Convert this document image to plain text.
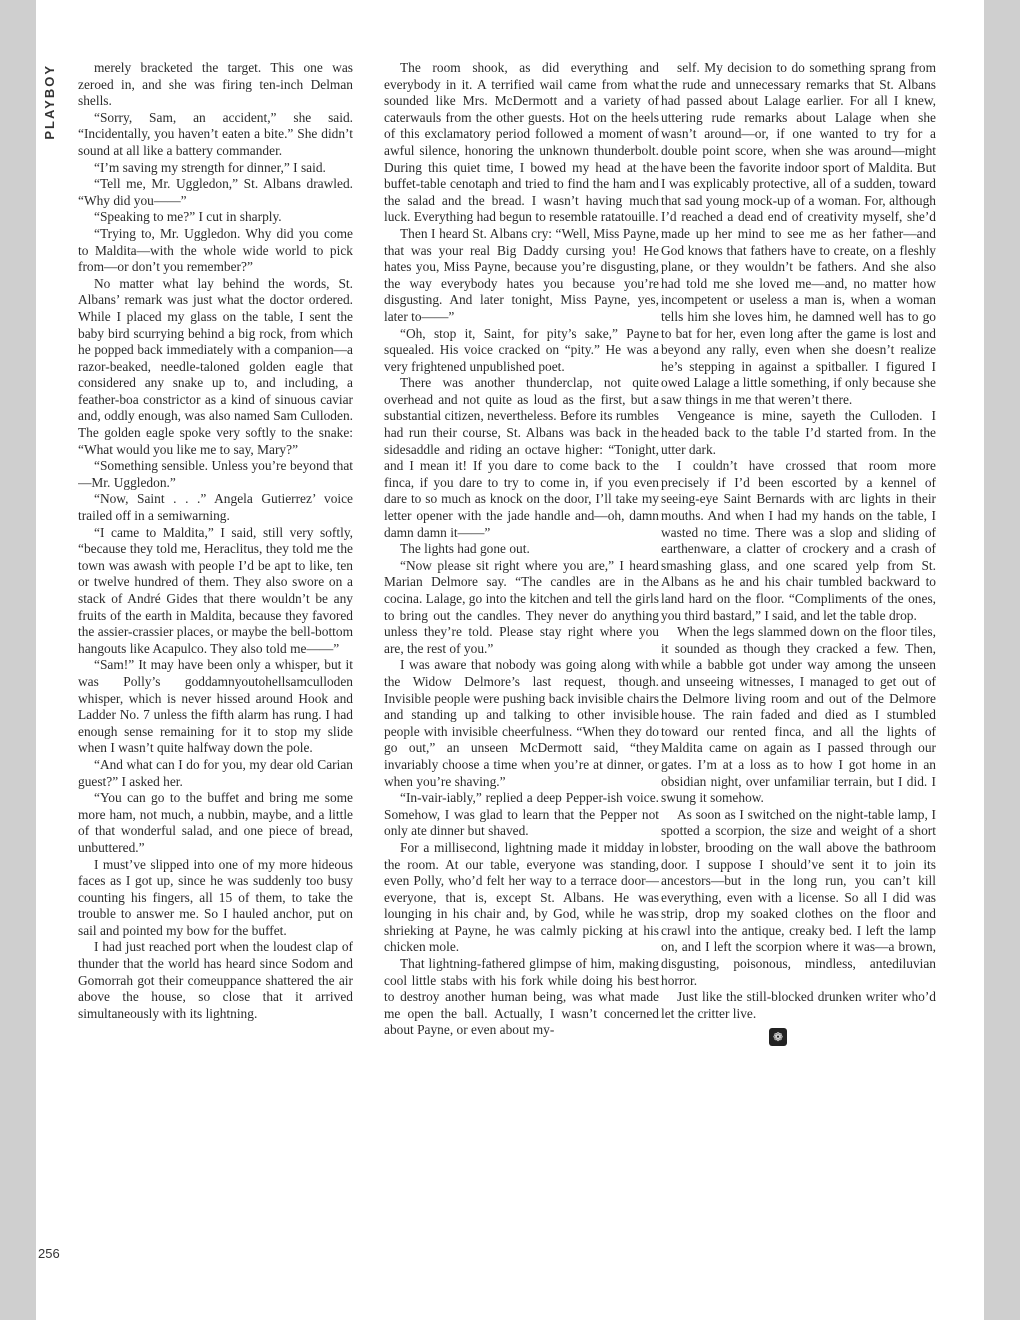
PLAYBOY
256

merely bracketed the target. This one was zeroed in, and she was firing ten-inch Delman shells.

“Sorry, Sam, an accident,” she said. “Incidentally, you haven’t eaten a bite.” She didn’t sound at all like a battery commander.

“I’m saving my strength for dinner,” I said.

“Tell me, Mr. Uggledon,” St. Albans drawled. “Why did you——”

“Speaking to me?” I cut in sharply.

“Trying to, Mr. Uggledon. Why did you come to Maldita—with the whole wide world to pick from—or don’t you remember?”

No matter what lay behind the words, St. Albans’ remark was just what the doctor ordered. While I placed my glass on the table, I sent the baby bird scurrying behind a big rock, from which he popped back immediately with a companion—a razor-beaked, needle-taloned golden eagle that considered any snake up to, and including, a feather-boa constrictor as a kind of sinuous caviar and, oddly enough, was also named Sam Culloden. The golden eagle spoke very softly to the snake: “What would you like me to say, Mary?”

“Something sensible. Unless you’re beyond that—Mr. Uggledon.”

“Now, Saint . . .” Angela Gutierrez’ voice trailed off in a semiwarning.

“I came to Maldita,” I said, still very softly, “because they told me, Heraclitus, they told me the town was awash with people I’d be apt to like, ten or twelve hundred of them. They also swore on a stack of André Gides that there wouldn’t be any fruits of the earth in Maldita, because they favored the assier-crassier places, or maybe the bell-bottom hangouts like Acapulco. They also told me——”

“Sam!” It may have been only a whisper, but it was Polly’s goddamnyoutohellsamculloden whisper, which is never hissed around Hook and Ladder No. 7 unless the fifth alarm has rung. I had enough sense remaining for it to stop my slide when I wasn’t quite halfway down the pole.

“And what can I do for you, my dear old Carian guest?” I asked her.

“You can go to the buffet and bring me some more ham, not much, a nubbin, maybe, and a little of that wonderful salad, and one piece of bread, unbuttered.”

I must’ve slipped into one of my more hideous faces as I got up, since he was suddenly too busy counting his fingers, all 15 of them, to take the trouble to answer me. So I hauled anchor, put on sail and pointed my bow for the buffet.

I had just reached port when the loudest clap of thunder that the world has heard since Sodom and Gomorrah got their comeuppance shattered the air above the house, so close that it arrived simultaneously with its lightning.

The room shook, as did everything and everybody in it. A terrified wail came from what sounded like Mrs. McDermott and a variety of caterwauls from the other guests. Hot on the heels of this exclamatory period followed a moment of awful silence, honoring the unknown thunderbolt. During this quiet time, I bowed my head at the buffet-table cenotaph and tried to find the ham and the salad and the bread. I wasn’t having much luck. Everything had begun to resemble ratatouille.

Then I heard St. Albans cry: “Well, Miss Payne, that was your real Big Daddy cursing you! He hates you, Miss Payne, because you’re disgusting, the way everybody hates you because you’re disgusting. And later tonight, Miss Payne, yes, later to——”

“Oh, stop it, Saint, for pity’s sake,” Payne squealed. His voice cracked on “pity.” He was a very frightened unpublished poet.

There was another thunderclap, not quite overhead and not quite as loud as the first, but a substantial citizen, nevertheless. Before its rumbles had run their course, St. Albans was back in the sidesaddle and riding an octave higher: “Tonight, and I mean it! If you dare to come back to the finca, if you dare to try to come in, if you even dare to so much as knock on the door, I’ll take my letter opener with the jade handle and—oh, damn damn damn it——”

The lights had gone out.

“Now please sit right where you are,” I heard Marian Delmore say. “The candles are in the cocina. Lalage, go into the kitchen and tell the girls to bring out the candles. They never do anything unless they’re told. Please stay right where you are, the rest of you.”

I was aware that nobody was going along with the Widow Delmore’s last request, though. Invisible people were pushing back invisible chairs and standing up and talking to other invisible people with invisible cheerfulness. “When they do go out,” an unseen McDermott said, “they invariably choose a time when you’re at dinner, or when you’re shaving.”

“In-vair-iably,” replied a deep Pepper-ish voice. Somehow, I was glad to learn that the Pepper not only ate dinner but shaved.

For a millisecond, lightning made it midday in the room. At our table, everyone was standing, even Polly, who’d felt her way to a terrace door—everyone, that is, except St. Albans. He was lounging in his chair and, by God, while he was shrieking at Payne, he was calmly picking at his chicken mole.

That lightning-fathered glimpse of him, making cool little stabs with his fork while doing his best to destroy another human being, was what made me open the ball. Actually, I wasn’t concerned about Payne, or even about my-

self. My decision to do something sprang from the rude and unnecessary remarks that St. Albans had passed about Lalage earlier. For all I knew, uttering rude remarks about Lalage when she wasn’t around—or, if one wanted to try for a double point score, when she was around—might have been the favorite indoor sport of Maldita. But I was explicably protective, all of a sudden, toward that sad young mock-up of a woman. For, although I’d reached a dead end of creativity myself, she’d made up her mind to see me as her father—and God knows that fathers have to create, on a fleshly plane, or they wouldn’t be fathers. And she also had told me she loved me—and, no matter how incompetent or useless a man is, when a woman tells him she loves him, he damned well has to go to bat for her, even long after the game is lost and beyond any rally, even when she doesn’t realize he’s stepping in against a spitballer. I figured I owed Lalage a little something, if only because she saw things in me that weren’t there.

Vengeance is mine, sayeth the Culloden. I headed back to the table I’d started from. In the utter dark.

I couldn’t have crossed that room more precisely if I’d been escorted by a kennel of seeing-eye Saint Bernards with arc lights in their mouths. And when I had my hands on the table, I wasted no time. There was a slop and sliding of earthenware, a clatter of crockery and a crash of smashing glass, and one scared yelp from St. Albans as he and his chair tumbled backward to land hard on the floor. “Compliments of the ones, you third bastard,” I said, and let the table drop.

When the legs slammed down on the floor tiles, it sounded as though they cracked a few. Then, while a babble got under way among the unseen and unseeing witnesses, I managed to get out of the Delmore living room and out of the Delmore house. The rain faded and died as I stumbled toward our rented finca, and all the lights of Maldita came on again as I passed through our gates. I’m at a loss as to how I got home in an obsidian night, over unfamiliar terrain, but I did. I swung it somehow.

As soon as I switched on the night-table lamp, I spotted a scorpion, the size and weight of a short lobster, brooding on the wall above the bathroom door. I suppose I should’ve sent it to join its ancestors—but in the long run, you can’t kill everything, even with a license. So all I did was strip, drop my soaked clothes on the floor and crawl into the antique, creaky bed. I left the lamp on, and I left the scorpion where it was—a brown, disgusting, poisonous, mindless, antediluvian horror.

Just like the still-blocked drunken writer who’d let the critter live.

❁
